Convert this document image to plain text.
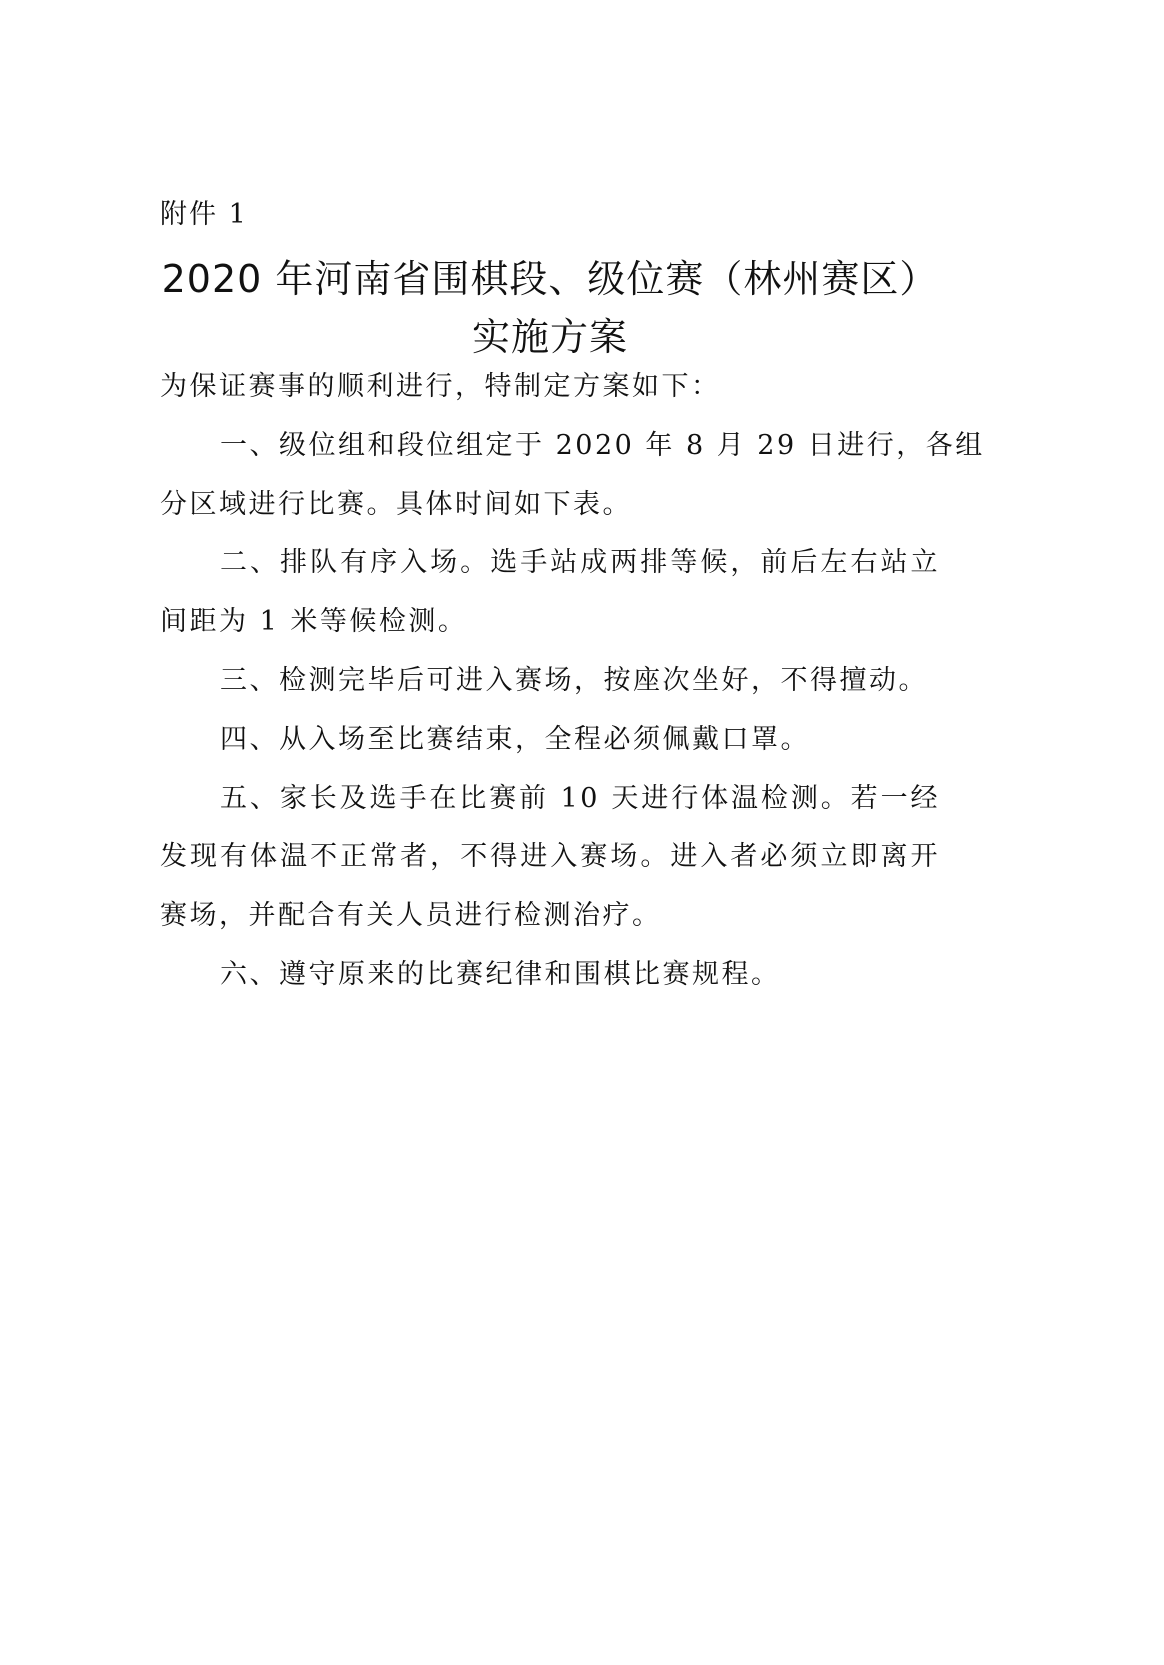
附件 1
2020 年河南省围棋段、级位赛（林州赛区）
实施方案
为保证赛事的顺利进行，特制定方案如下：
一、级位组和段位组定于 2020 年 8 月 29 日进行，各组
分区域进行比赛。具体时间如下表。
二、排队有序入场。选手站成两排等候，前后左右站立
间距为 1 米等候检测。
三、检测完毕后可进入赛场，按座次坐好，不得擅动。
四、从入场至比赛结束，全程必须佩戴口罩。
五、家长及选手在比赛前 10 天进行体温检测。若一经
发现有体温不正常者，不得进入赛场。进入者必须立即离开
赛场，并配合有关人员进行检测治疗。
六、遵守原来的比赛纪律和围棋比赛规程。
